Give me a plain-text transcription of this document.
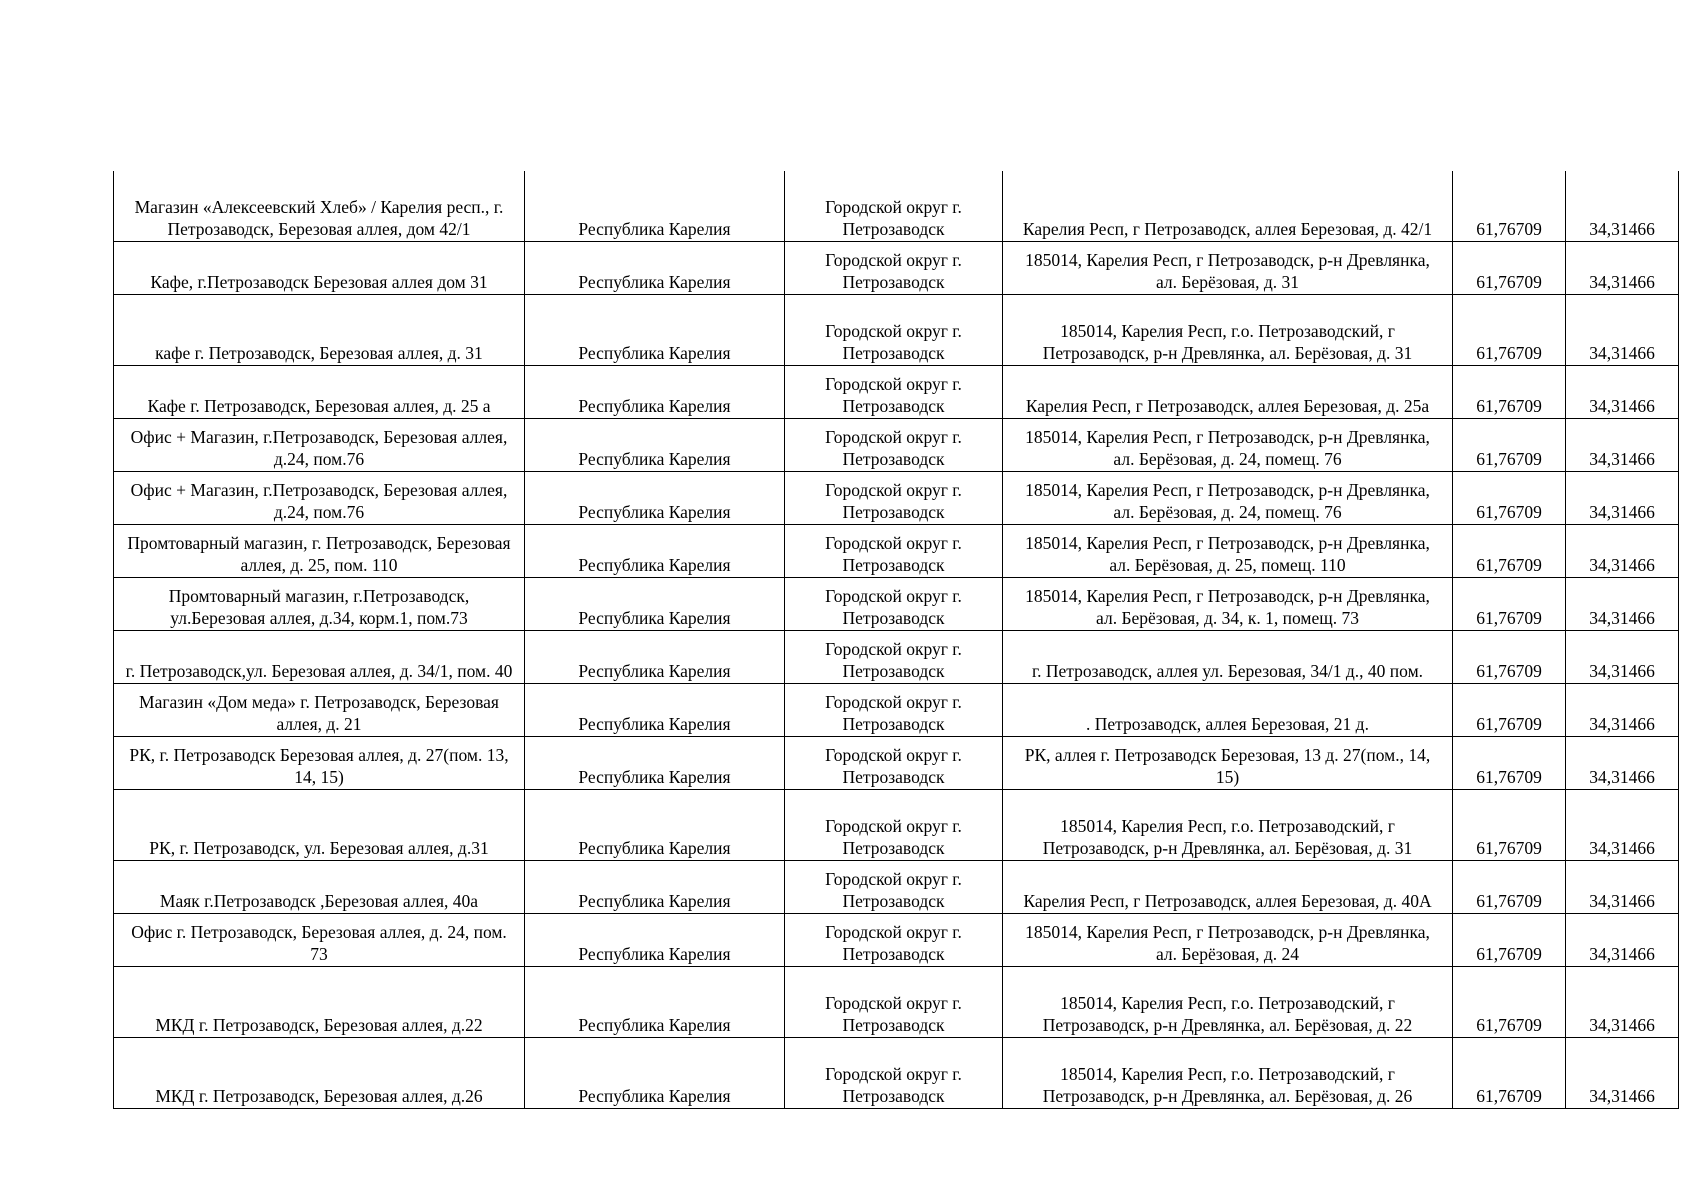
Магазин «Алексеевский Хлеб» / Карелия респ., г. Петрозаводск, Березовая аллея, дом 42/1	Республика Карелия	Городской округ г. Петрозаводск	Карелия Респ, г Петрозаводск, аллея Березовая, д. 42/1	61,76709	34,31466
Кафе, г.Петрозаводск Березовая аллея дом 31	Республика Карелия	Городской округ г. Петрозаводск	185014, Карелия Респ, г Петрозаводск, р-н Древлянка, ал. Берёзовая, д. 31	61,76709	34,31466
кафе г. Петрозаводск, Березовая аллея, д. 31	Республика Карелия	Городской округ г. Петрозаводск	185014, Карелия Респ, г.о. Петрозаводский, г Петрозаводск, р-н Древлянка, ал. Берёзовая, д. 31	61,76709	34,31466
Кафе г. Петрозаводск, Березовая аллея, д. 25 а	Республика Карелия	Городской округ г. Петрозаводск	Карелия Респ, г Петрозаводск, аллея Березовая, д. 25а	61,76709	34,31466
Офис + Магазин, г.Петрозаводск, Березовая аллея, д.24, пом.76	Республика Карелия	Городской округ г. Петрозаводск	185014, Карелия Респ, г Петрозаводск, р-н Древлянка, ал. Берёзовая, д. 24, помещ. 76	61,76709	34,31466
Офис + Магазин, г.Петрозаводск, Березовая аллея, д.24, пом.76	Республика Карелия	Городской округ г. Петрозаводск	185014, Карелия Респ, г Петрозаводск, р-н Древлянка, ал. Берёзовая, д. 24, помещ. 76	61,76709	34,31466
Промтоварный магазин, г. Петрозаводск, Березовая аллея, д. 25, пом. 110	Республика Карелия	Городской округ г. Петрозаводск	185014, Карелия Респ, г Петрозаводск, р-н Древлянка, ал. Берёзовая, д. 25, помещ. 110	61,76709	34,31466
Промтоварный магазин, г.Петрозаводск, ул.Березовая аллея, д.34, корм.1, пом.73	Республика Карелия	Городской округ г. Петрозаводск	185014, Карелия Респ, г Петрозаводск, р-н Древлянка, ал. Берёзовая, д. 34, к. 1, помещ. 73	61,76709	34,31466
г. Петрозаводск,ул. Березовая аллея, д. 34/1, пом. 40	Республика Карелия	Городской округ г. Петрозаводск	г. Петрозаводск, аллея ул. Березовая, 34/1 д., 40 пом.	61,76709	34,31466
Магазин «Дом меда» г. Петрозаводск, Березовая аллея, д. 21	Республика Карелия	Городской округ г. Петрозаводск	. Петрозаводск, аллея Березовая, 21 д.	61,76709	34,31466
РК, г. Петрозаводск Березовая аллея, д. 27(пом. 13, 14, 15)	Республика Карелия	Городской округ г. Петрозаводск	РК, аллея г. Петрозаводск Березовая, 13 д. 27(пом., 14, 15)	61,76709	34,31466
РК, г. Петрозаводск, ул. Березовая аллея, д.31	Республика Карелия	Городской округ г. Петрозаводск	185014, Карелия Респ, г.о. Петрозаводский, г Петрозаводск, р-н Древлянка, ал. Берёзовая, д. 31	61,76709	34,31466
Маяк г.Петрозаводск ,Березовая аллея, 40а	Республика Карелия	Городской округ г. Петрозаводск	Карелия Респ, г Петрозаводск, аллея Березовая, д. 40А	61,76709	34,31466
Офис г. Петрозаводск, Березовая аллея, д. 24, пом. 73	Республика Карелия	Городской округ г. Петрозаводск	185014, Карелия Респ, г Петрозаводск, р-н Древлянка, ал. Берёзовая, д. 24	61,76709	34,31466
МКД г. Петрозаводск, Березовая аллея, д.22	Республика Карелия	Городской округ г. Петрозаводск	185014, Карелия Респ, г.о. Петрозаводский, г Петрозаводск, р-н Древлянка, ал. Берёзовая, д. 22	61,76709	34,31466
МКД г. Петрозаводск, Березовая аллея, д.26	Республика Карелия	Городской округ г. Петрозаводск	185014, Карелия Респ, г.о. Петрозаводский, г Петрозаводск, р-н Древлянка, ал. Берёзовая, д. 26	61,76709	34,31466
